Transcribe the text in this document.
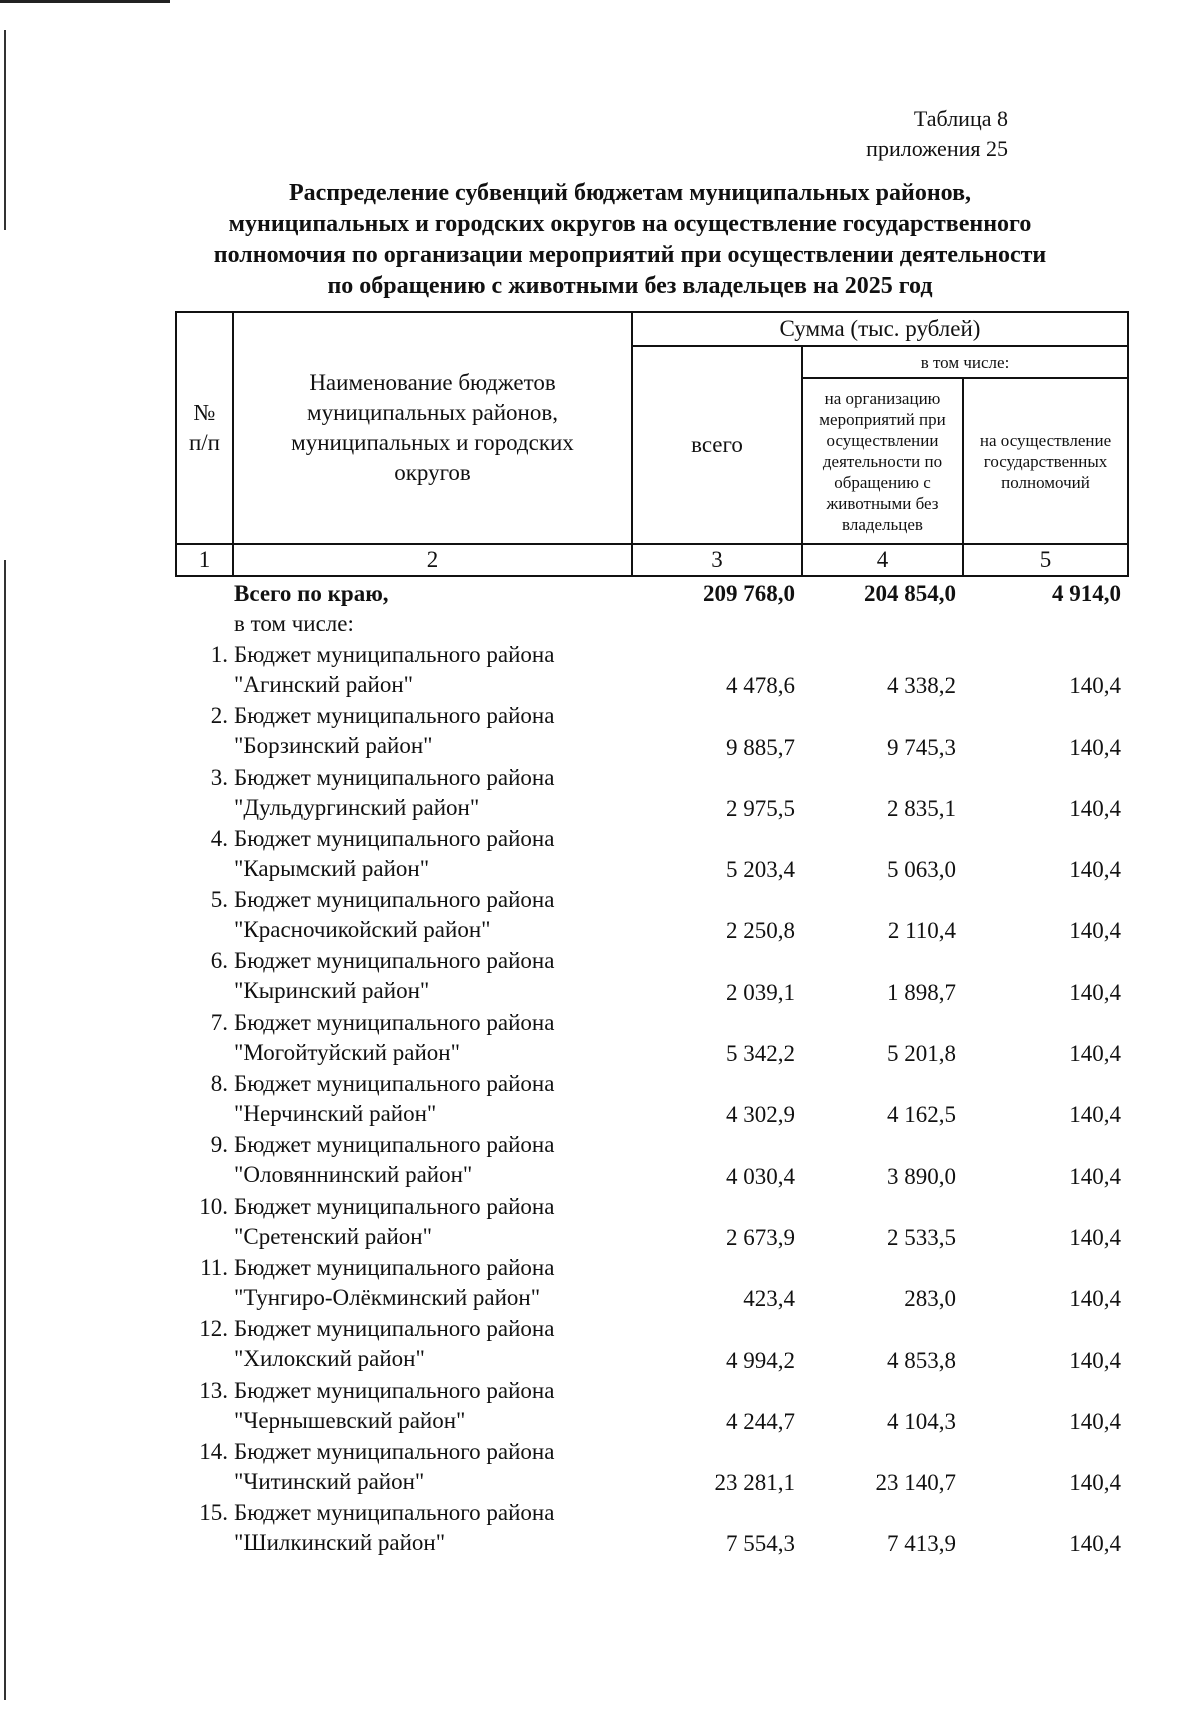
Таблица 8
приложения 25
Распределение субвенций бюджетам муниципальных районов,
муниципальных и городских округов на осуществление государственного
полномочия по организации мероприятий при осуществлении деятельности
по обращению с животными без владельцев на 2025 год
№ п/п	Наименование бюджетов муниципальных районов, муниципальных и городских округов	Сумма (тыс. рублей)		
		всего	в том числе:	
			на организацию мероприятий при осуществлении деятельности по обращению с животными без владельцев	на осуществление государственных полномочий
1	2	3	4	5
Всего по краю,	209 768,0	204 854,0	4 914,0
в том числе:
1. Бюджет муниципального района
"Агинский район"	4 478,6	4 338,2	140,4
2. Бюджет муниципального района
"Борзинский район"	9 885,7	9 745,3	140,4
3. Бюджет муниципального района
"Дульдургинский район"	2 975,5	2 835,1	140,4
4. Бюджет муниципального района
"Карымский район"	5 203,4	5 063,0	140,4
5. Бюджет муниципального района
"Красночикойский район"	2 250,8	2 110,4	140,4
6. Бюджет муниципального района
"Кыринский район"	2 039,1	1 898,7	140,4
7. Бюджет муниципального района
"Могойтуйский район"	5 342,2	5 201,8	140,4
8. Бюджет муниципального района
"Нерчинский район"	4 302,9	4 162,5	140,4
9. Бюджет муниципального района
"Оловяннинский район"	4 030,4	3 890,0	140,4
10. Бюджет муниципального района
"Сретенский район"	2 673,9	2 533,5	140,4
11. Бюджет муниципального района
"Тунгиро-Олёкминский район"	423,4	283,0	140,4
12. Бюджет муниципального района
"Хилокский район"	4 994,2	4 853,8	140,4
13. Бюджет муниципального района
"Чернышевский район"	4 244,7	4 104,3	140,4
14. Бюджет муниципального района
"Читинский район"	23 281,1	23 140,7	140,4
15. Бюджет муниципального района
"Шилкинский район"	7 554,3	7 413,9	140,4
